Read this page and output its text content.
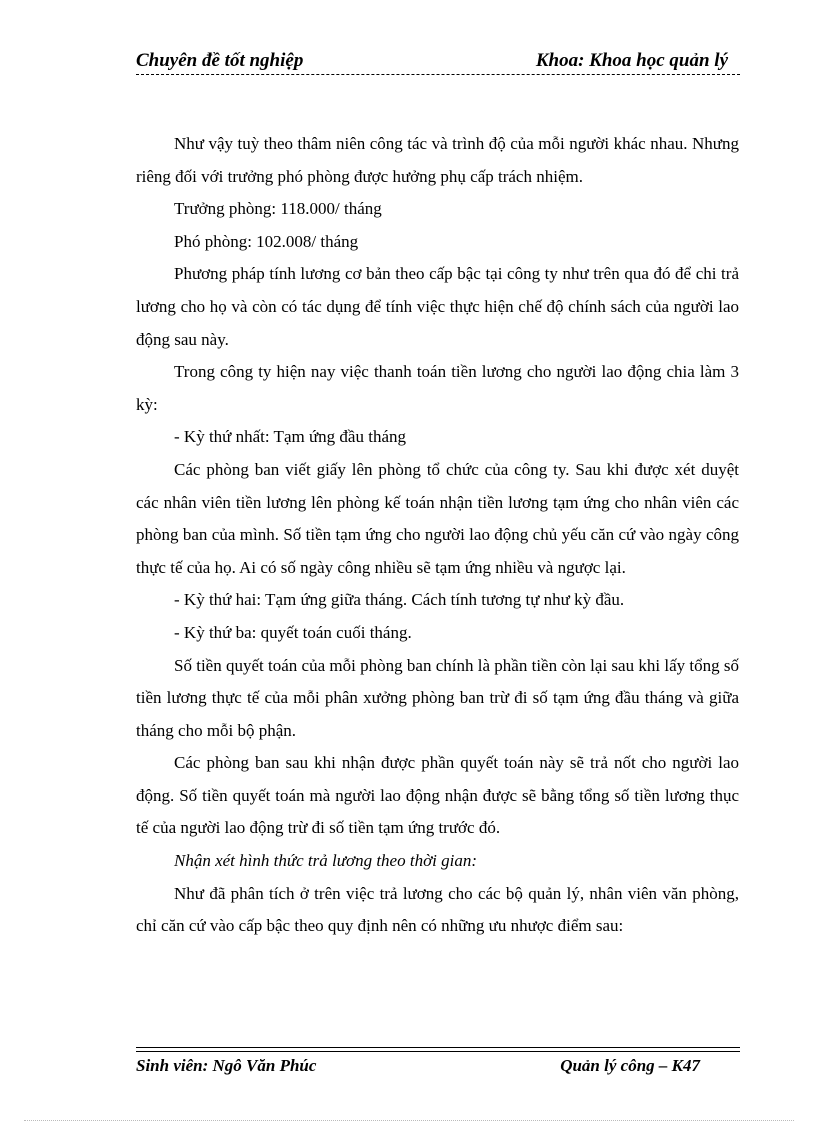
Chuyên đề tốt nghiệp	Khoa: Khoa học quản lý

Như vậy tuỳ theo thâm niên công tác và trình độ của mỗi người khác nhau. Nhưng riêng đối với trưởng phó phòng được hưởng phụ cấp trách nhiệm.

Trưởng phòng: 118.000/ tháng

Phó phòng: 102.008/ tháng

Phương pháp tính lương cơ bản theo cấp bậc tại công ty như trên qua đó để chi trả lương cho họ và còn có tác dụng để tính việc thực hiện chế độ chính sách của người lao động sau này.

Trong công ty hiện nay việc thanh toán tiền lương cho người lao động chia làm 3 kỳ:

- Kỳ thứ nhất: Tạm ứng đầu tháng

Các phòng ban viết giấy lên phòng tổ chức của công ty. Sau khi được xét duyệt các nhân viên tiền lương lên phòng kế toán nhận tiền lương tạm ứng cho nhân viên các phòng ban của mình. Số tiền tạm ứng cho người lao động chủ yếu căn cứ vào ngày công thực tế của họ. Ai có số ngày công nhiều sẽ tạm ứng nhiều và ngược lại.

- Kỳ thứ hai: Tạm ứng giữa tháng. Cách tính tương tự như kỳ đầu.

- Kỳ thứ ba: quyết toán cuối tháng.

Số tiền quyết toán của mỗi phòng ban chính là phần tiền còn lại sau khi lấy tổng số tiền lương thực tế của mỗi phân xưởng phòng ban trừ đi số tạm ứng đầu tháng và giữa tháng cho mỗi bộ phận.

Các phòng ban sau khi nhận được phần quyết toán này sẽ trả nốt cho người lao động. Số tiền quyết toán mà người lao động nhận được sẽ bằng tổng số tiền lương thục tế của người lao động trừ đi số tiền tạm ứng trước đó.

Nhận xét hình thức trả lương theo thời gian:

Như đã phân tích ở trên việc trả lương cho các bộ quản lý, nhân viên văn phòng, chỉ căn cứ vào cấp bậc theo quy định nên có những ưu nhược điểm sau:

Sinh viên: Ngô Văn Phúc	Quản lý công – K47
